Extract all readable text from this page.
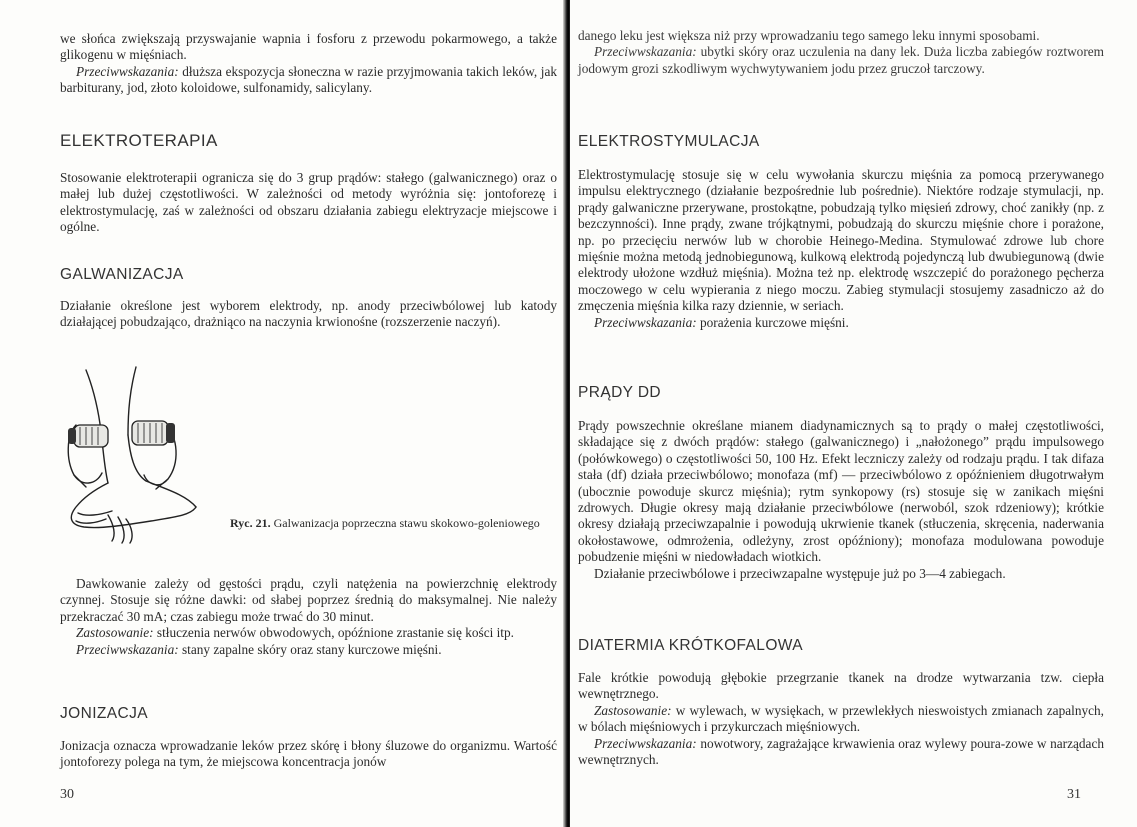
we słońca zwiększają przyswajanie wapnia i fosforu z przewodu pokarmowego, a także glikogenu w mięśniach.

Przeciwwskazania: dłuższa ekspozycja słoneczna w razie przyjmowania takich leków, jak barbiturany, jod, złoto koloidowe, sulfonamidy, salicylany.

ELEKTROTERAPIA

Stosowanie elektroterapii ogranicza się do 3 grup prądów: stałego (galwanicznego) oraz o małej lub dużej częstotliwości. W zależności od metody wyróżnia się: jontoforezę i elektrostymulację, zaś w zależności od obszaru działania zabiegu elektryzacje miejscowe i ogólne.

GALWANIZACJA

Działanie określone jest wyborem elektrody, np. anody przeciwbólowej lub katody działającej pobudzająco, drażniąco na naczynia krwionośne (rozszerzenie naczyń).

Ryc. 21. Galwanizacja poprzeczna stawu skokowo-goleniowego

Dawkowanie zależy od gęstości prądu, czyli natężenia na powierzchnię elektrody czynnej. Stosuje się różne dawki: od słabej poprzez średnią do maksymalnej. Nie należy przekraczać 30 mA; czas zabiegu może trwać do 30 minut.

Zastosowanie: stłuczenia nerwów obwodowych, opóźnione zrastanie się kości itp.

Przeciwwskazania: stany zapalne skóry oraz stany kurczowe mięśni.

JONIZACJA

Jonizacja oznacza wprowadzanie leków przez skórę i błony śluzowe do organizmu. Wartość jontoforezy polega na tym, że miejscowa koncentracja jonów

30

danego leku jest większa niż przy wprowadzaniu tego samego leku innymi sposobami.

Przeciwwskazania: ubytki skóry oraz uczulenia na dany lek. Duża liczba zabiegów roztworem jodowym grozi szkodliwym wychwytywaniem jodu przez gruczoł tarczowy.

ELEKTROSTYMULACJA

Elektrostymulację stosuje się w celu wywołania skurczu mięśnia za pomocą przerywanego impulsu elektrycznego (działanie bezpośrednie lub pośrednie). Niektóre rodzaje stymulacji, np. prądy galwaniczne przerywane, prostokątne, pobudzają tylko mięsień zdrowy, choć zanikły (np. z bezczynności). Inne prądy, zwane trójkątnymi, pobudzają do skurczu mięśnie chore i porażone, np. po przecięciu nerwów lub w chorobie Heinego-Medina. Stymulować zdrowe lub chore mięśnie można metodą jednobiegunową, kulkową elektrodą pojedynczą lub dwubiegunową (dwie elektrody ułożone wzdłuż mięśnia). Można też np. elektrodę wszczepić do porażonego pęcherza moczowego w celu wypierania z niego moczu. Zabieg stymulacji stosujemy zasadniczo aż do zmęczenia mięśnia kilka razy dziennie, w seriach.

Przeciwwskazania: porażenia kurczowe mięśni.

PRĄDY DD

Prądy powszechnie określane mianem diadynamicznych są to prądy o małej częstotliwości, składające się z dwóch prądów: stałego (galwanicznego) i „nałożonego” prądu impulsowego (połówkowego) o częstotliwości 50, 100 Hz. Efekt leczniczy zależy od rodzaju prądu. I tak difaza stała (df) działa przeciwbólowo; monofaza (mf) — przeciwbólowo z opóźnieniem długotrwałym (ubocznie powoduje skurcz mięśnia); rytm synkopowy (rs) stosuje się w zanikach mięśni zdrowych. Długie okresy mają działanie przeciwbólowe (nerwoból, szok rdzeniowy); krótkie okresy działają przeciwzapalnie i powodują ukrwienie tkanek (stłuczenia, skręcenia, naderwania okołostawowe, odmrożenia, odleżyny, zrost opóźniony); monofaza modulowana powoduje pobudzenie mięśni w niedowładach wiotkich.

Działanie przeciwbólowe i przeciwzapalne występuje już po 3—4 zabiegach.

DIATERMIA KRÓTKOFALOWA

Fale krótkie powodują głębokie przegrzanie tkanek na drodze wytwarzania tzw. ciepła wewnętrznego.

Zastosowanie: w wylewach, w wysiękach, w przewlekłych nieswoistych zmianach zapalnych, w bólach mięśniowych i przykurczach mięśniowych.

Przeciwwskazania: nowotwory, zagrażające krwawienia oraz wylewy poura-zowe w narządach wewnętrznych.

31
